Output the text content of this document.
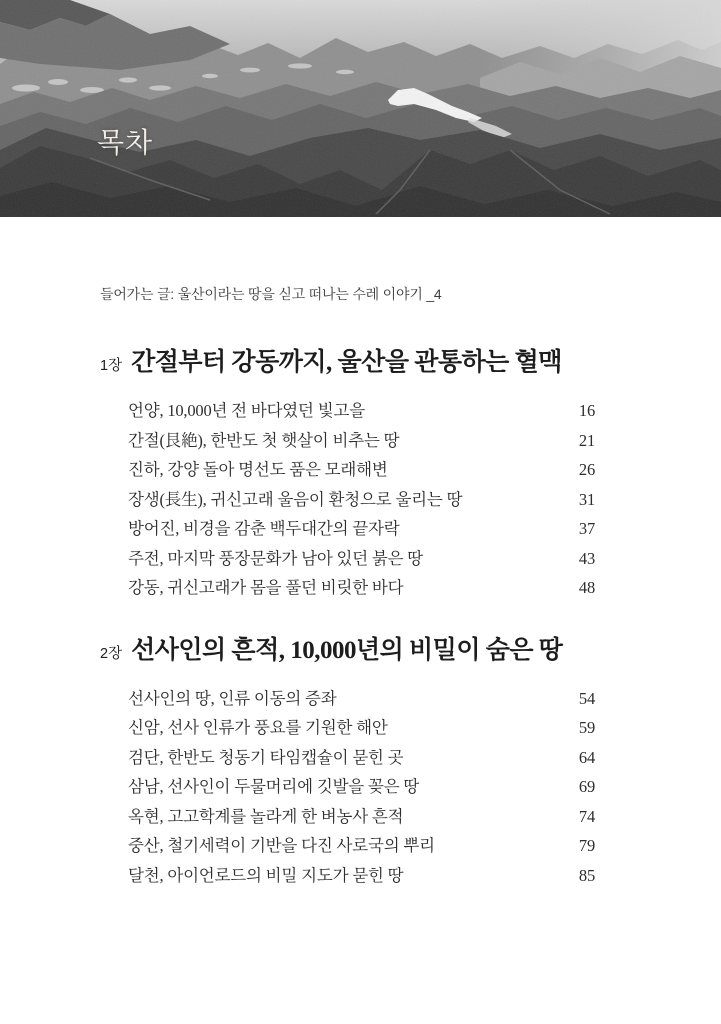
목차

들어가는 글: 울산이라는 땅을 싣고 떠나는 수레 이야기 _4

1장 간절부터 강동까지, 울산을 관통하는 혈맥
언양, 10,000년 전 바다였던 빛고을	16
간절(艮絶), 한반도 첫 햇살이 비추는 땅	21
진하, 강양 돌아 명선도 품은 모래해변	26
장생(長生), 귀신고래 울음이 환청으로 울리는 땅	31
방어진, 비경을 감춘 백두대간의 끝자락	37
주전, 마지막 풍장문화가 남아 있던 붉은 땅	43
강동, 귀신고래가 몸을 풀던 비릿한 바다	48
2장 선사인의 흔적, 10,000년의 비밀이 숨은 땅
선사인의 땅, 인류 이동의 증좌	54
신암, 선사 인류가 풍요를 기원한 해안	59
검단, 한반도 청동기 타임캡슐이 묻힌 곳	64
삼남, 선사인이 두물머리에 깃발을 꽂은 땅	69
옥현, 고고학계를 놀라게 한 벼농사 흔적	74
중산, 철기세력이 기반을 다진 사로국의 뿌리	79
달천, 아이언로드의 비밀 지도가 묻힌 땅	85
